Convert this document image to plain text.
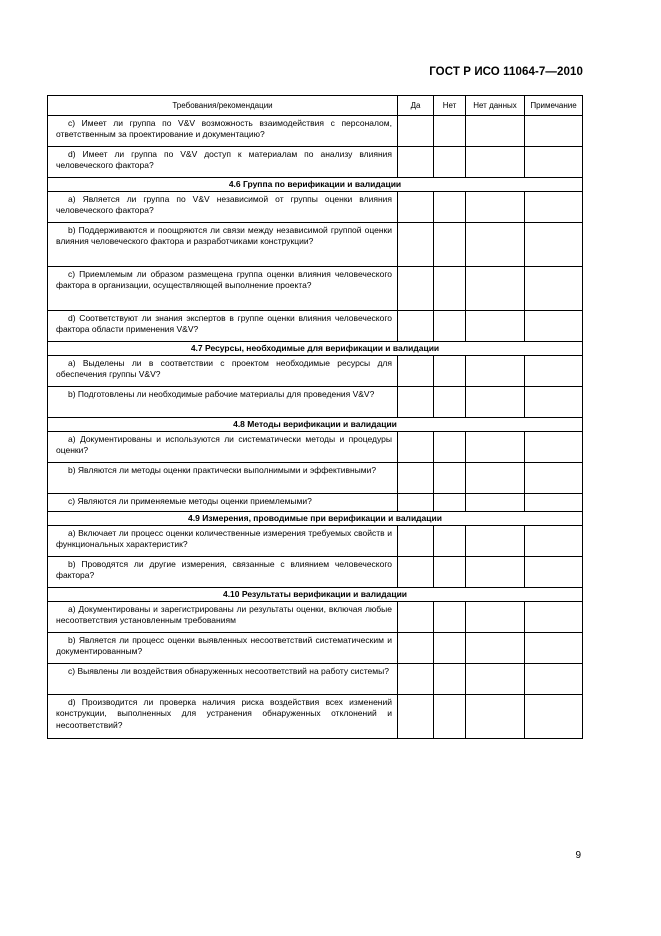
ГОСТ Р ИСО 11064-7—2010
Требования/рекомендации	Да	Нет	Нет данных	Примечание

c) Имеет ли группа по V&V возможность взаимодействия с персоналом, ответственным за проектирование и документацию?				

d) Имеет ли группа по V&V доступ к материалам по анализу влияния человеческого фактора?				

4.6 Группа по верификации и валидации				

a) Является ли группа по V&V независимой от группы оценки влияния человеческого фактора?				

b) Поддерживаются и поощряются ли связи между независимой группой оценки влияния человеческого фактора и разработчиками конструкции?				

c) Приемлемым ли образом размещена группа оценки влияния человеческого фактора в организации, осуществляющей выполнение проекта?				

d) Соответствуют ли знания экспертов в группе оценки влияния человеческого фактора области применения V&V?				

4.7 Ресурсы, необходимые для верификации и валидации				

a) Выделены ли в соответствии с проектом необходимые ресурсы для обеспечения группы V&V?				

b) Подготовлены ли необходимые рабочие материалы для проведения V&V?				

4.8 Методы верификации и валидации				

a) Документированы и используются ли систематически методы и процедуры оценки?				

b) Являются ли методы оценки практически выполнимыми и эффективными?				

c) Являются ли применяемые методы оценки приемлемыми?				

4.9 Измерения, проводимые при верификации и валидации				

a) Включает ли процесс оценки количественные измерения требуемых свойств и функциональных характеристик?				

b) Проводятся ли другие измерения, связанные с влиянием человеческого фактора?				

4.10 Результаты верификации и валидации				

a) Документированы и зарегистрированы ли результаты оценки, включая любые несоответствия установленным требованиям				

b) Является ли процесс оценки выявленных несоответствий систематическим и документированным?				

c) Выявлены ли воздействия обнаруженных несоответствий на работу системы?				

d) Производится ли проверка наличия риска воздействия всех изменений конструкции, выполненных для устранения обнаруженных отклонений и несоответствий?				

9
